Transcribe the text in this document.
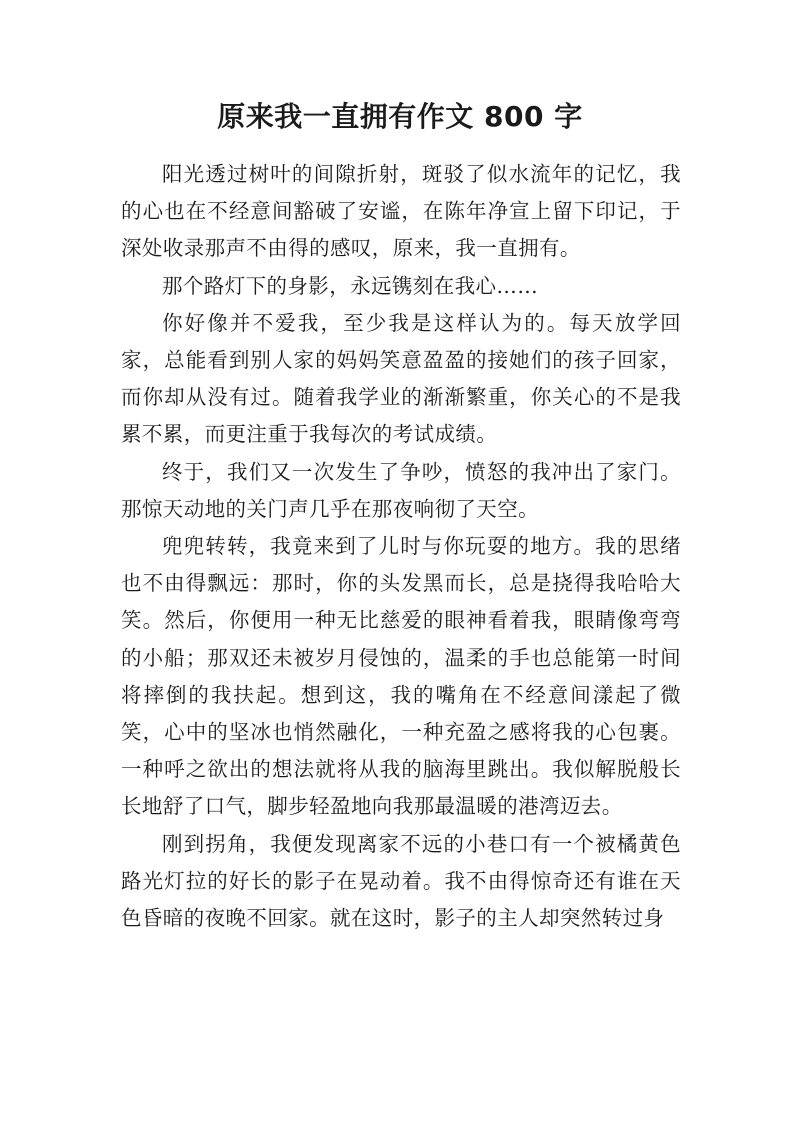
原来我一直拥有作文 800 字

阳光透过树叶的间隙折射，斑驳了似水流年的记忆，我的心也在不经意间豁破了安谧，在陈年净宣上留下印记，于深处收录那声不由得的感叹，原来，我一直拥有。

那个路灯下的身影，永远镌刻在我心……

你好像并不爱我，至少我是这样认为的。每天放学回家，总能看到别人家的妈妈笑意盈盈的接她们的孩子回家，而你却从没有过。随着我学业的渐渐繁重，你关心的不是我累不累，而更注重于我每次的考试成绩。

终于，我们又一次发生了争吵，愤怒的我冲出了家门。那惊天动地的关门声几乎在那夜响彻了天空。

兜兜转转，我竟来到了儿时与你玩耍的地方。我的思绪也不由得飘远：那时，你的头发黑而长，总是挠得我哈哈大笑。然后，你便用一种无比慈爱的眼神看着我，眼睛像弯弯的小船；那双还未被岁月侵蚀的，温柔的手也总能第一时间将摔倒的我扶起。想到这，我的嘴角在不经意间漾起了微笑，心中的坚冰也悄然融化，一种充盈之感将我的心包裹。一种呼之欲出的想法就将从我的脑海里跳出。我似解脱般长长地舒了口气，脚步轻盈地向我那最温暖的港湾迈去。

刚到拐角，我便发现离家不远的小巷口有一个被橘黄色路光灯拉的好长的影子在晃动着。我不由得惊奇还有谁在天色昏暗的夜晚不回家。就在这时，影子的主人却突然转过身
